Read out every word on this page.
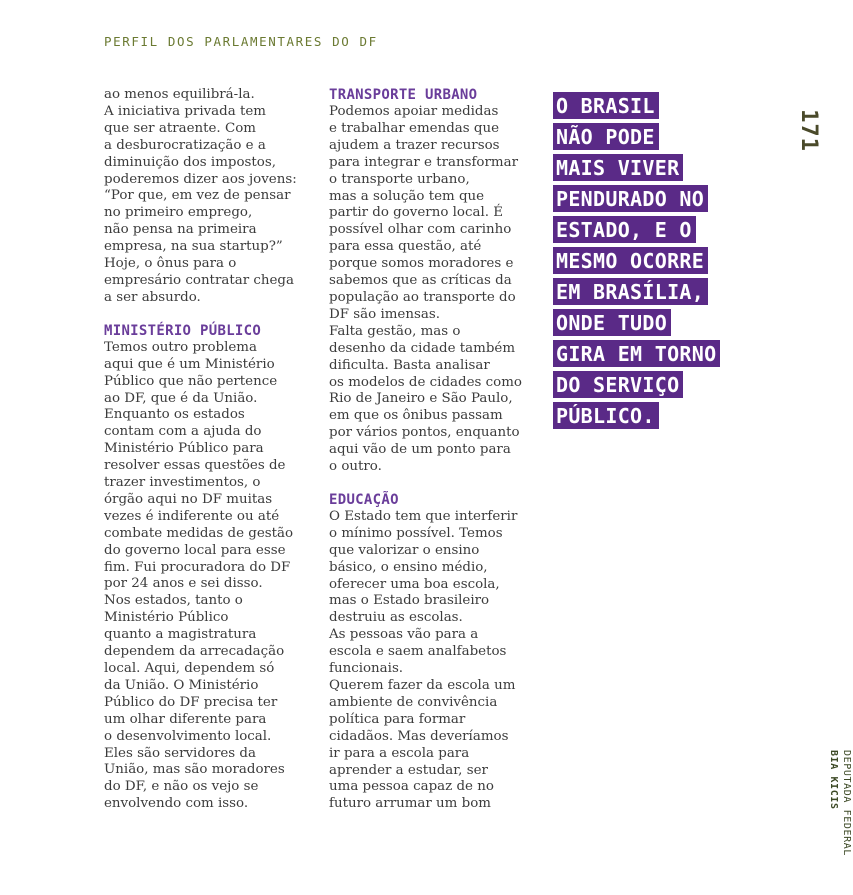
PERFIL DOS PARLAMENTARES DO DF

ao menos equilibrá-la.
A iniciativa privada tem
que ser atraente. Com
a desburocratização e a
diminuição dos impostos,
poderemos dizer aos jovens:
“Por que, em vez de pensar
no primeiro emprego,
não pensa na primeira
empresa, na sua startup?”
Hoje, o ônus para o
empresário contratar chega
a ser absurdo.

MINISTÉRIO PÚBLICO

Temos outro problema
aqui que é um Ministério
Público que não pertence
ao DF, que é da União.
Enquanto os estados
contam com a ajuda do
Ministério Público para
resolver essas questões de
trazer investimentos, o
órgão aqui no DF muitas
vezes é indiferente ou até
combate medidas de gestão
do governo local para esse
fim. Fui procuradora do DF
por 24 anos e sei disso.
Nos estados, tanto o
Ministério Público
quanto a magistratura
dependem da arrecadação
local. Aqui, dependem só
da União. O Ministério
Público do DF precisa ter
um olhar diferente para
o desenvolvimento local.
Eles são servidores da
União, mas são moradores
do DF, e não os vejo se
envolvendo com isso.

TRANSPORTE URBANO

Podemos apoiar medidas
e trabalhar emendas que
ajudem a trazer recursos
para integrar e transformar
o transporte urbano,
mas a solução tem que
partir do governo local. É
possível olhar com carinho
para essa questão, até
porque somos moradores e
sabemos que as críticas da
população ao transporte do
DF são imensas.
Falta gestão, mas o
desenho da cidade também
dificulta. Basta analisar
os modelos de cidades como
Rio de Janeiro e São Paulo,
em que os ônibus passam
por vários pontos, enquanto
aqui vão de um ponto para
o outro.

EDUCAÇÃO

O Estado tem que interferir
o mínimo possível. Temos
que valorizar o ensino
básico, o ensino médio,
oferecer uma boa escola,
mas o Estado brasileiro
destruiu as escolas.
As pessoas vão para a
escola e saem analfabetos
funcionais.
Querem fazer da escola um
ambiente de convivência
política para formar
cidadãos. Mas deveríamos
ir para a escola para
aprender a estudar, ser
uma pessoa capaz de no
futuro arrumar um bom

O BRASIL
NÃO PODE
MAIS VIVER
PENDURADO NO
ESTADO, E O
MESMO OCORRE
EM BRASÍLIA,
ONDE TUDO
GIRA EM TORNO
DO SERVIÇO
PÚBLICO.
171
DEPUTADA FEDERAL
BIA KICIS
